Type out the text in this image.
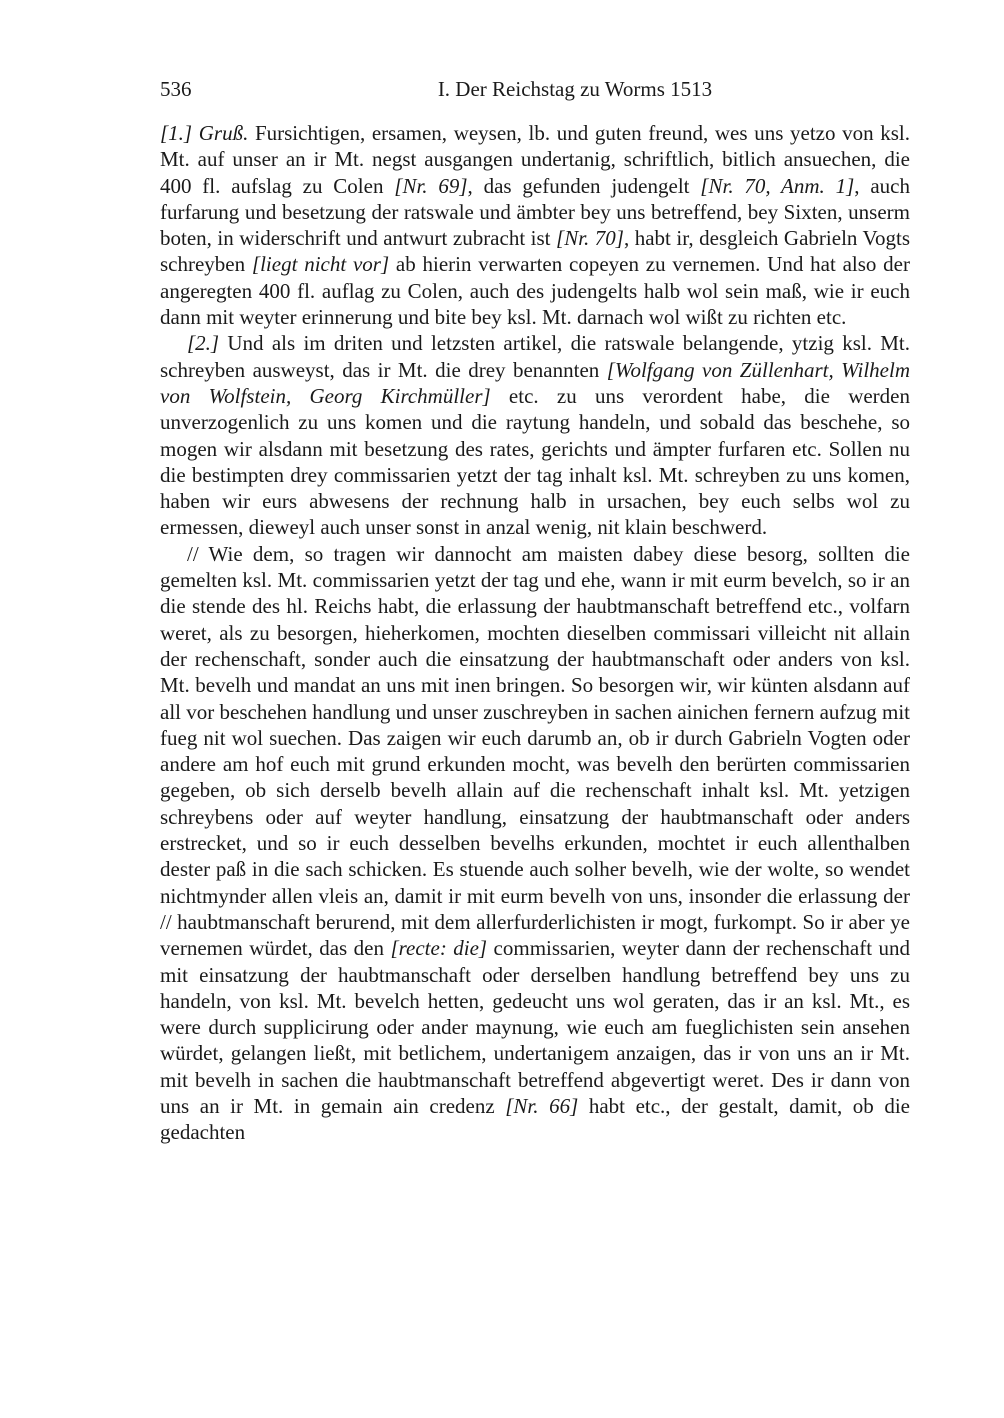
536	I. Der Reichstag zu Worms 1513

[1.] Gruß. Fursichtigen, ersamen, weysen, lb. und guten freund, wes uns yetzo von ksl. Mt. auf unser an ir Mt. negst ausgangen undertanig, schriftlich, bitlich ansuechen, die 400 fl. aufslag zu Colen [Nr. 69], das gefunden judengelt [Nr. 70, Anm. 1], auch furfarung und besetzung der ratswale und ämbter bey uns betreffend, bey Sixten, unserm boten, in widerschrift und antwurt zubracht ist [Nr. 70], habt ir, desgleich Gabrieln Vogts schreyben [liegt nicht vor] ab hierin verwarten copeyen zu vernemen. Und hat also der angeregten 400 fl. auflag zu Colen, auch des judengelts halb wol sein maß, wie ir euch dann mit weyter erinnerung und bite bey ksl. Mt. darnach wol wißt zu richten etc.

[2.] Und als im driten und letzsten artikel, die ratswale belangende, ytzig ksl. Mt. schreyben ausweyst, das ir Mt. die drey benannten [Wolfgang von Züllenhart, Wilhelm von Wolfstein, Georg Kirchmüller] etc. zu uns verordent habe, die werden unverzogenlich zu uns komen und die raytung handeln, und sobald das beschehe, so mogen wir alsdann mit besetzung des rates, gerichts und ämpter furfaren etc. Sollen nu die bestimpten drey commissarien yetzt der tag inhalt ksl. Mt. schreyben zu uns komen, haben wir eurs abwesens der rechnung halb in ursachen, bey euch selbs wol zu ermessen, dieweyl auch unser sonst in anzal wenig, nit klain beschwerd.

// Wie dem, so tragen wir dannocht am maisten dabey diese besorg, sollten die gemelten ksl. Mt. commissarien yetzt der tag und ehe, wann ir mit eurm bevelch, so ir an die stende des hl. Reichs habt, die erlassung der haubtmanschaft betreffend etc., volfarn weret, als zu besorgen, hieherkomen, mochten dieselben commissari villeicht nit allain der rechenschaft, sonder auch die einsatzung der haubtmanschaft oder anders von ksl. Mt. bevelh und mandat an uns mit inen bringen. So besorgen wir, wir künten alsdann auf all vor beschehen handlung und unser zuschreyben in sachen ainichen fernern aufzug mit fueg nit wol suechen. Das zaigen wir euch darumb an, ob ir durch Gabrieln Vogten oder andere am hof euch mit grund erkunden mocht, was bevelh den berürten commissarien gegeben, ob sich derselb bevelh allain auf die rechenschaft inhalt ksl. Mt. yetzigen schreybens oder auf weyter handlung, einsatzung der haubtmanschaft oder anders erstrecket, und so ir euch desselben bevelhs erkunden, mochtet ir euch allenthalben dester paß in die sach schicken. Es stuende auch solher bevelh, wie der wolte, so wendet nichtmynder allen vleis an, damit ir mit eurm bevelh von uns, insonder die erlassung der // haubtmanschaft berurend, mit dem allerfurderlichisten ir mogt, furkompt. So ir aber ye vernemen würdet, das den [recte: die] commissarien, weyter dann der rechenschaft und mit einsatzung der haubtmanschaft oder derselben handlung betreffend bey uns zu handeln, von ksl. Mt. bevelch hetten, gedeucht uns wol geraten, das ir an ksl. Mt., es were durch supplicirung oder ander maynung, wie euch am fueglichisten sein ansehen würdet, gelangen ließt, mit betlichem, undertanigem anzaigen, das ir von uns an ir Mt. mit bevelh in sachen die haubtmanschaft betreffend abgevertigt weret. Des ir dann von uns an ir Mt. in gemain ain credenz [Nr. 66] habt etc., der gestalt, damit, ob die gedachten
